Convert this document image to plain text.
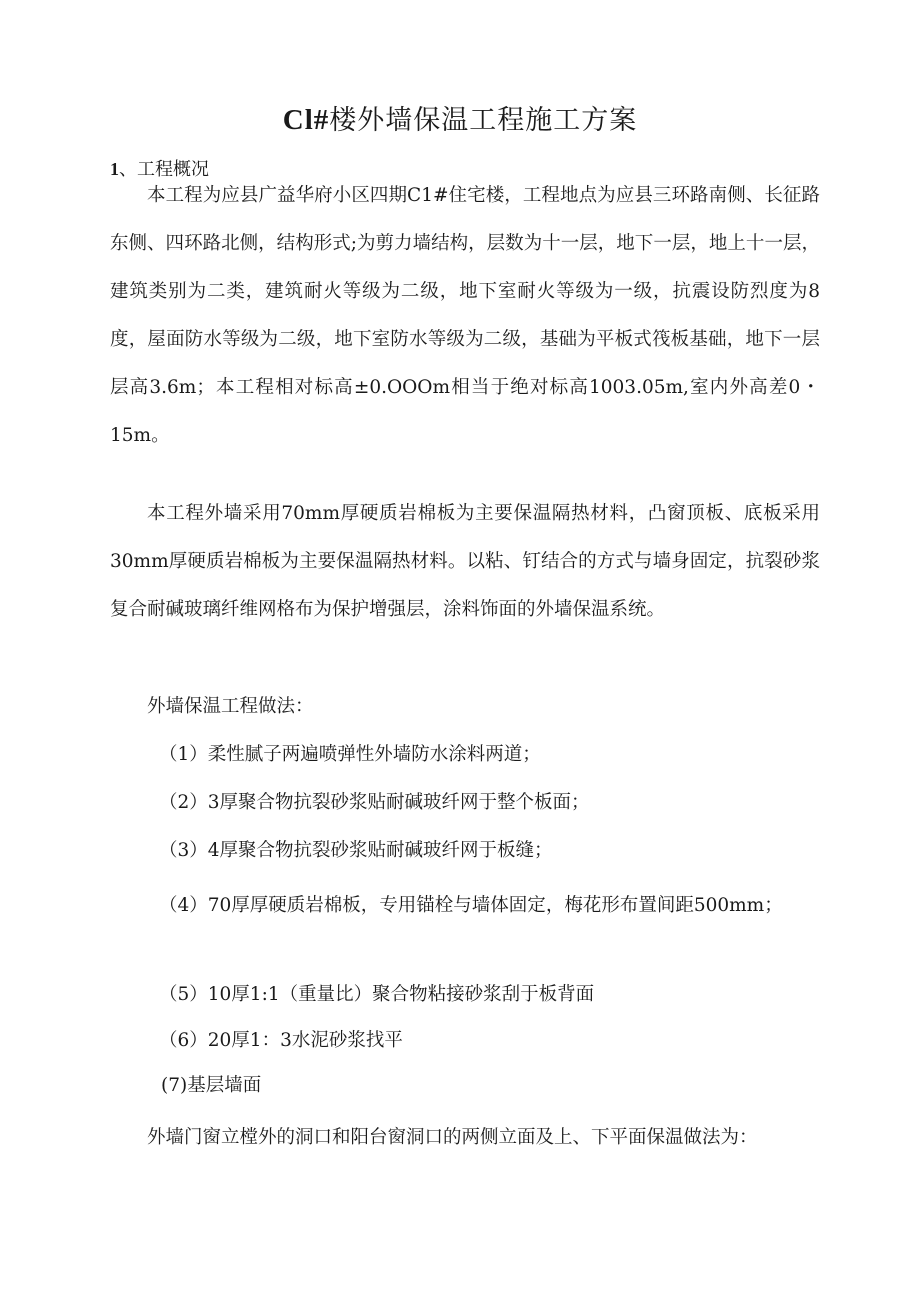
Cl#楼外墙保温工程施工方案
1、工程概况

本工程为应县广益华府小区四期C1#住宅楼，工程地点为应县三环路南侧、长征路东侧、四环路北侧，结构形式;为剪力墙结构，层数为十一层，地下一层，地上十一层，建筑类别为二类，建筑耐火等级为二级，地下室耐火等级为一级，抗震设防烈度为8度，屋面防水等级为二级，地下室防水等级为二级，基础为平板式筏板基础，地下一层层高3.6m；本工程相对标高±0.OOOm相当于绝对标高1003.05m,室内外高差0・15m。

本工程外墙采用70mm厚硬质岩棉板为主要保温隔热材料，凸窗顶板、底板采用30mm厚硬质岩棉板为主要保温隔热材料。以粘、钉结合的方式与墙身固定，抗裂砂浆复合耐碱玻璃纤维网格布为保护增强层，涂料饰面的外墙保温系统。

外墙保温工程做法：

（1）柔性腻子两遍喷弹性外墙防水涂料两道；

（2）3厚聚合物抗裂砂浆贴耐碱玻纤网于整个板面；

（3）4厚聚合物抗裂砂浆贴耐碱玻纤网于板缝；

（4）70厚厚硬质岩棉板，专用锚栓与墙体固定，梅花形布置间距500mm；

（5）10厚1:1（重量比）聚合物粘接砂浆刮于板背面

（6）20厚1：3水泥砂浆找平

(7)基层墙面

外墙门窗立樘外的洞口和阳台窗洞口的两侧立面及上、下平面保温做法为：
